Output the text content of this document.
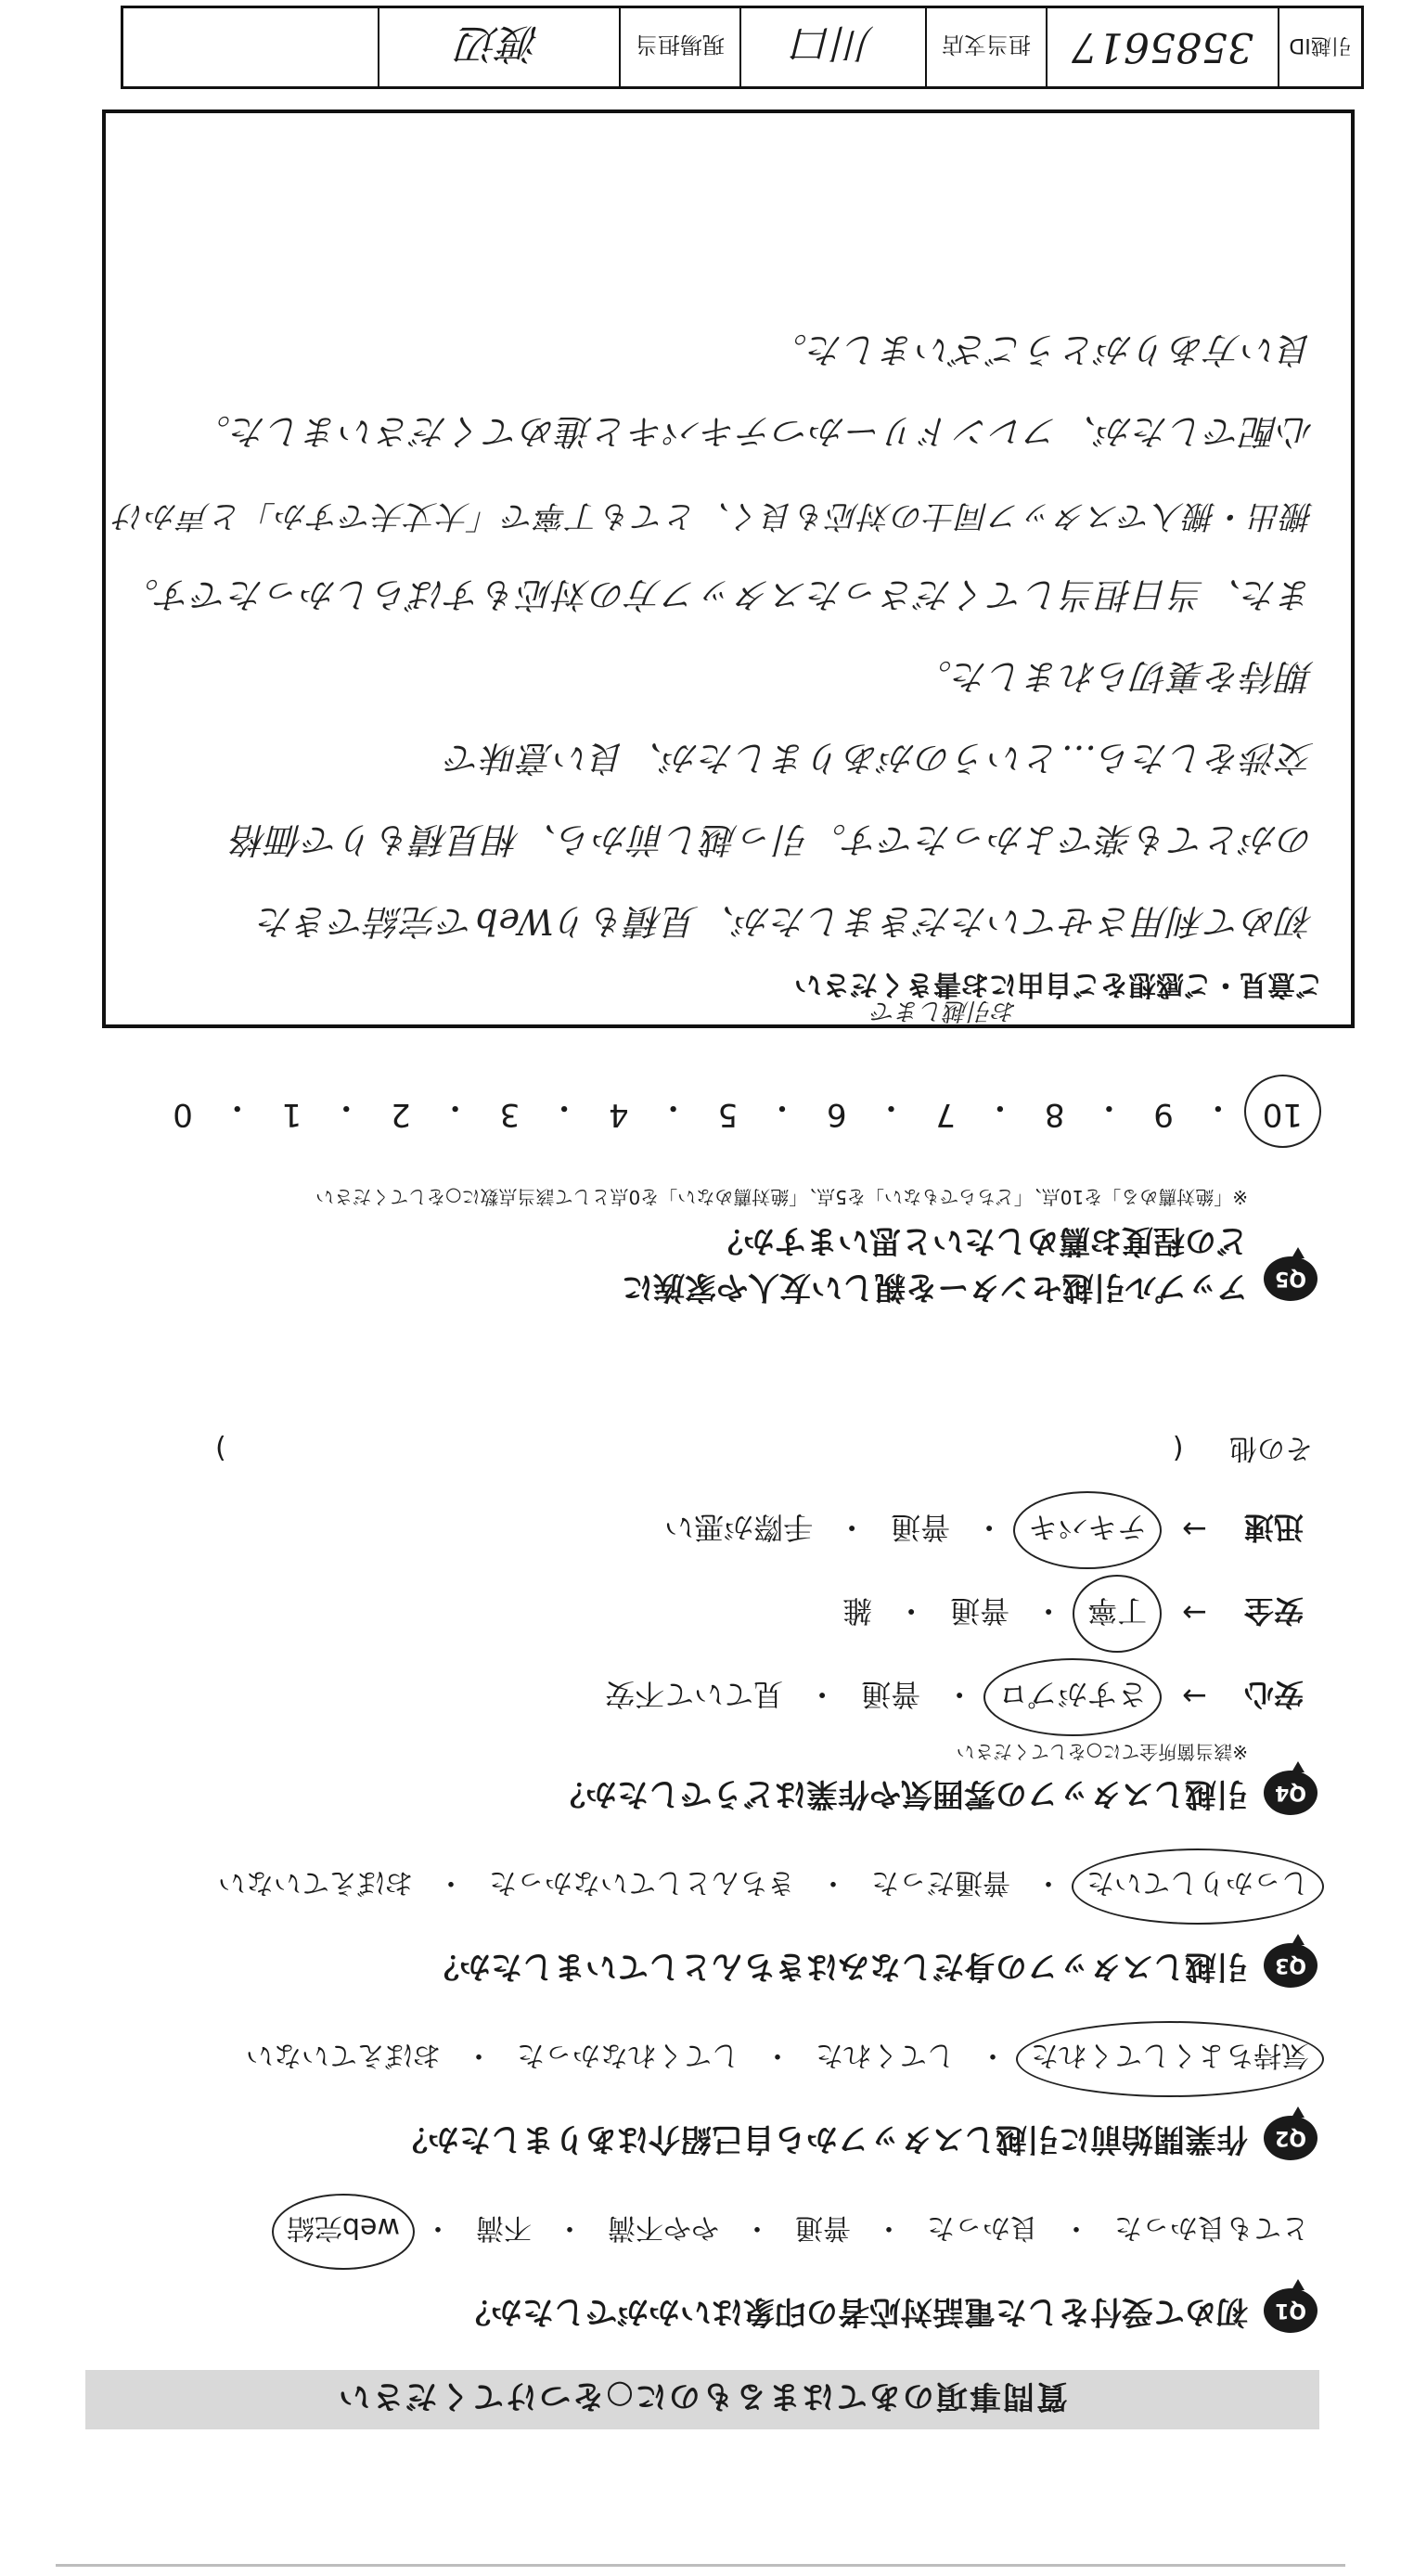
質問事項のあてはまるものに○をつけてください
Q1
初めて受付をした電話対応者の印象はいかがでしたか？
とても良かった
・
良かった
・
普通
・
やや不満
・
不満
・
web完結
Q2
作業開始前に引越しスタッフから自己紹介はありましたか？
気持ちよくしてくれた
・
してくれた
・
してくれなかった
・
おぼえていない
Q3
引越しスタッフの身だしなみはきちんとしていましたか？
しっかりしていた
・
普通だった
・
きちんとしていなかった
・
おぼえていない
Q4
引越しスタッフの雰囲気や作業はどうでしたか？
※該当箇所全てに○をしてください
安心
→
さすがプロ
・
普通
・
見ていて不安
安全
→
丁寧
・
普通
・
雑
迅速
→
テキパキ
・
普通
・
手際が悪い
その他 ()
Q5
アップル引越センターを親しい友人や家族に
どの程度お薦めしたいと思いますか？
※「絶対薦める」を10点、「どちらでもない」を5点、「絶対薦めない」を0点として該当点数に○をしてください
10
・
9
・
8
・
7
・
6
・
5
・
4
・
3
・
2
・
1
・
0
ご意見・ご感想をご自由にお書きください
お引越しまで
初めて利用させていただきましたが、見積もりWebで完結できた
のがとても楽でよかったです。引っ越し前から、相見積もりで価格
交渉をしたら…というのがありましたが、良い意味で
期待を裏切られました。
また、当日担当してくださったスタッフ方の対応もすばらしかったです。
搬出・搬入でスタッフ同士の対応も良く、とても丁寧で「大丈夫ですか」と声かけ
心配でしたが、フレンドリーかつテキパキと進めてくださいました。
良い方ありがとうございました。
引越ID
3585617
担当支店
川口
現場担当
渡辺
